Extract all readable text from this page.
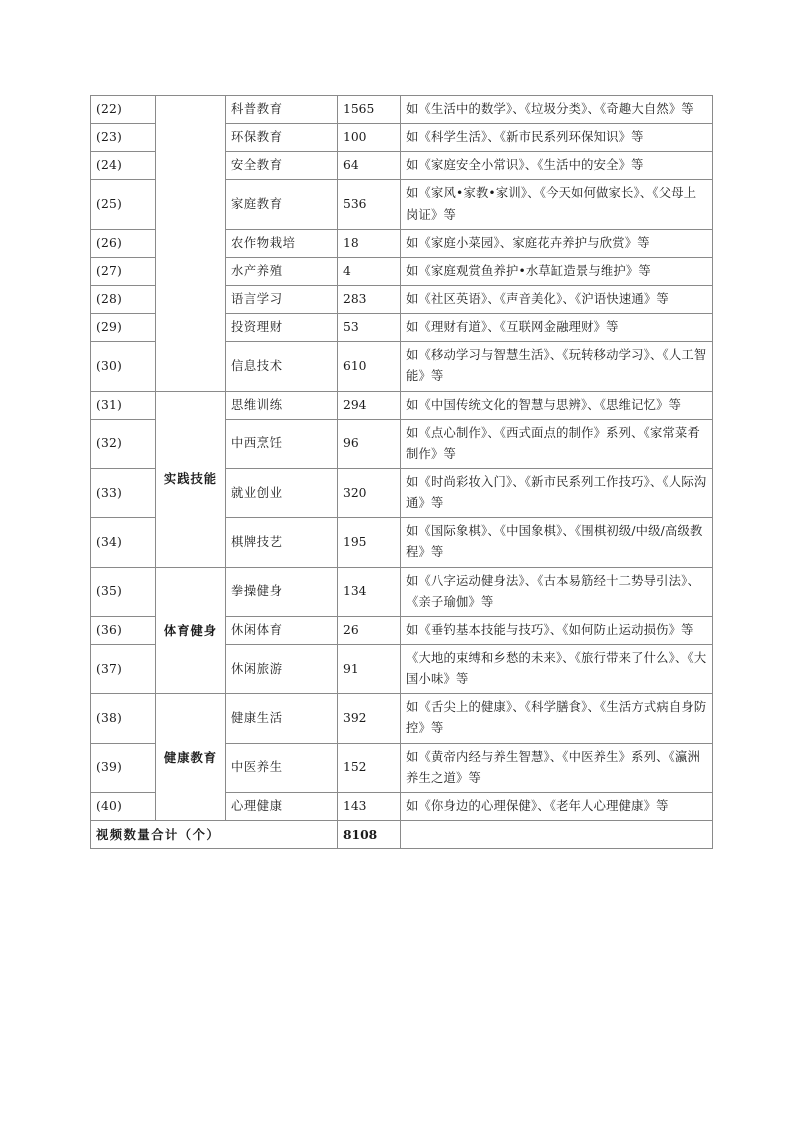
(22)		科普教育	1565	如《生活中的数学》、《垃圾分类》、《奇趣大自然》等
(23)		环保教育	100	如《科学生活》、《新市民系列环保知识》等
(24)		安全教育	64	如《家庭安全小常识》、《生活中的安全》等
(25)		家庭教育	536	如《家风•家教•家训》、《今天如何做家长》、《父母上岗证》等
(26)		农作物栽培	18	如《家庭小菜园》、家庭花卉养护与欣赏》等
(27)		水产养殖	4	如《家庭观赏鱼养护•水草缸造景与维护》等
(28)		语言学习	283	如《社区英语》、《声音美化》、《沪语快速通》等
(29)		投资理财	53	如《理财有道》、《互联网金融理财》等
(30)		信息技术	610	如《移动学习与智慧生活》、《玩转移动学习》、《人工智能》等
(31)	实践技能	思维训练	294	如《中国传统文化的智慧与思辨》、《思维记忆》等
(32)		中西烹饪	96	如《点心制作》、《西式面点的制作》系列、《家常菜肴制作》等
(33)		就业创业	320	如《时尚彩妆入门》、《新市民系列工作技巧》、《人际沟通》等
(34)		棋牌技艺	195	如《国际象棋》、《中国象棋》、《围棋初级/中级/高级教程》等
(35)	体育健身	拳操健身	134	如《八字运动健身法》、《古本易筋经十二势导引法》、《亲子瑜伽》等
(36)		休闲体育	26	如《垂钓基本技能与技巧》、《如何防止运动损伤》等
(37)		休闲旅游	91	《大地的束缚和乡愁的未来》、《旅行带来了什么》、《大国小味》等
(38)	健康教育	健康生活	392	如《舌尖上的健康》、《科学膳食》、《生活方式病自身防控》等
(39)		中医养生	152	如《黄帝内经与养生智慧》、《中医养生》系列、《瀛洲养生之道》等
(40)		心理健康	143	如《你身边的心理保健》、《老年人心理健康》等
视频数量合计（个）			8108	
